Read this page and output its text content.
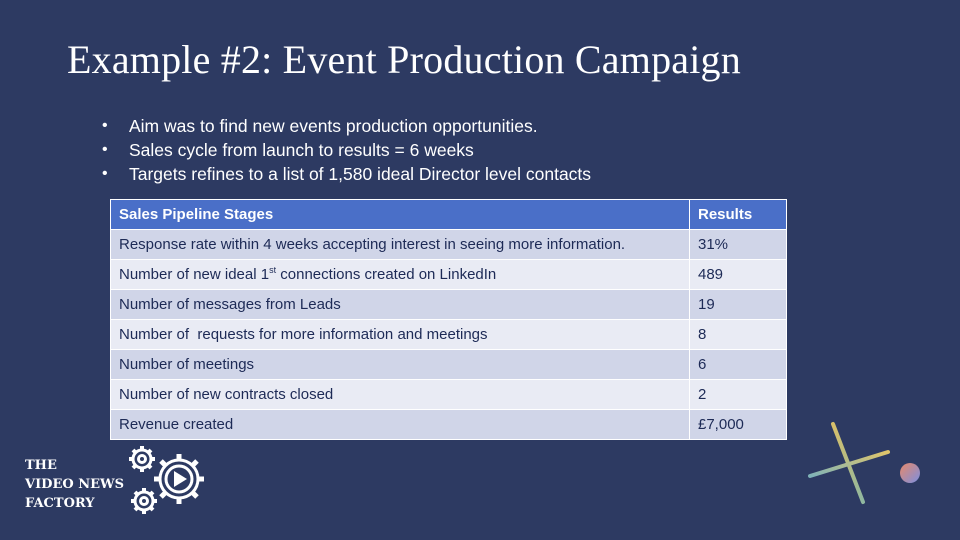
Example #2: Event Production Campaign
• Aim was to find new events production opportunities.
• Sales cycle from launch to results = 6 weeks
• Targets refines to a list of 1,580 ideal Director level contacts
Sales Pipeline Stages	Results
Response rate within 4 weeks accepting interest in seeing more information.	31%
Number of new ideal 1st connections created on LinkedIn	489
Number of messages from Leads	19
Number of  requests for more information and meetings	8
Number of meetings	6
Number of new contracts closed	2
Revenue created	£7,000
THE
VIDEO NEWS
FACTORY
